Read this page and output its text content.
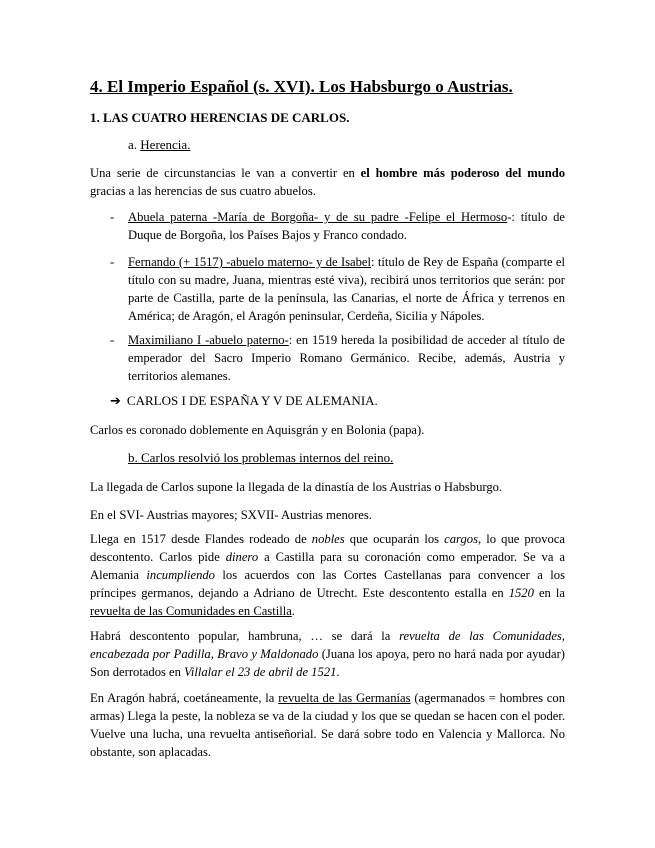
4. El Imperio Español (s. XVI). Los Habsburgo o Austrias.
1. LAS CUATRO HERENCIAS DE CARLOS.
a. Herencia.

Una serie de circunstancias le van a convertir en el hombre más poderoso del mundo gracias a las herencias de sus cuatro abuelos.

- Abuela paterna -María de Borgoña- y de su padre -Felipe el Hermoso-: título de Duque de Borgoña, los Países Bajos y Franco condado.

- Fernando (+ 1517) -abuelo materno- y de Isabel: título de Rey de España (comparte el título con su madre, Juana, mientras esté viva), recibirá unos territorios que serán: por parte de Castilla, parte de la península, las Canarias, el norte de África y terrenos en América; de Aragón, el Aragón peninsular, Cerdeña, Sicilia y Nápoles.

- Maximiliano I -abuelo paterno-: en 1519 hereda la posibilidad de acceder al título de emperador del Sacro Imperio Romano Germánico. Recibe, además, Austria y territorios alemanes.

➔ CARLOS I DE ESPAÑA Y V DE ALEMANIA.

Carlos es coronado doblemente en Aquisgrán y en Bolonia (papa).

b. Carlos resolvió los problemas internos del reino.

La llegada de Carlos supone la llegada de la dinastía de los Austrias o Habsburgo.

En el SVI- Austrias mayores; SXVII- Austrias menores.

Llega en 1517 desde Flandes rodeado de nobles que ocuparán los cargos, lo que provoca descontento. Carlos pide dinero a Castilla para su coronación como emperador. Se va a Alemania incumpliendo los acuerdos con las Cortes Castellanas para convencer a los príncipes germanos, dejando a Adriano de Utrecht. Este descontento estalla en 1520 en la revuelta de las Comunidades en Castilla.

Habrá descontento popular, hambruna, … se dará la revuelta de las Comunidades, encabezada por Padilla, Bravo y Maldonado (Juana los apoya, pero no hará nada por ayudar) Son derrotados en Villalar el 23 de abril de 1521.

En Aragón habrá, coetáneamente, la revuelta de las Germanías (agermanados = hombres con armas) Llega la peste, la nobleza se va de la ciudad y los que se quedan se hacen con el poder. Vuelve una lucha, una revuelta antiseñorial. Se dará sobre todo en Valencia y Mallorca. No obstante, son aplacadas.
